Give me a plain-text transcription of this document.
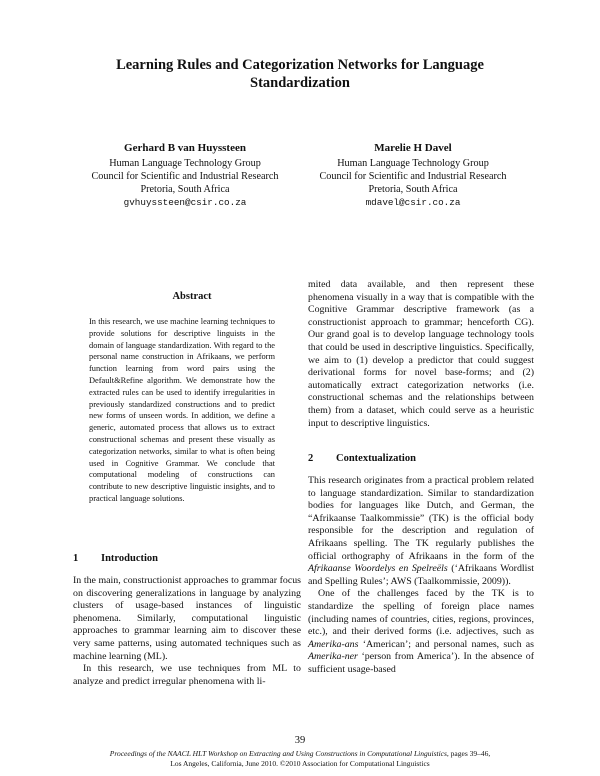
Learning Rules and Categorization Networks for Language Standardization
Gerhard B van Huyssteen
Human Language Technology Group
Council for Scientific and Industrial Research
Pretoria, South Africa
gvhuyssteen@csir.co.za
Marelie H Davel
Human Language Technology Group
Council for Scientific and Industrial Research
Pretoria, South Africa
mdavel@csir.co.za
Abstract
In this research, we use machine learning techniques to provide solutions for descriptive linguists in the domain of language standardization. With regard to the personal name construction in Afrikaans, we perform function learning from word pairs using the Default&Refine algorithm. We demonstrate how the extracted rules can be used to identify irregularities in previously standardized constructions and to predict new forms of unseen words. In addition, we define a generic, automated process that allows us to extract constructional schemas and present these visually as categorization networks, similar to what is often being used in Cognitive Grammar. We conclude that computational modeling of constructions can contribute to new descriptive linguistic insights, and to practical language solutions.
1 Introduction

In the main, constructionist approaches to grammar focus on discovering generalizations in language by analyzing clusters of usage-based instances of linguistic phenomena. Similarly, computational linguistic approaches to grammar learning aim to discover these very same patterns, using automated techniques such as machine learning (ML).

In this research, we use techniques from ML to analyze and predict irregular phenomena with li-

mited data available, and then represent these phenomena visually in a way that is compatible with the Cognitive Grammar descriptive framework (as a constructionist approach to grammar; henceforth CG). Our grand goal is to develop language technology tools that could be used in descriptive linguistics. Specifically, we aim to (1) develop a predictor that could suggest derivational forms for novel base-forms; and (2) automatically extract categorization networks (i.e. constructional schemas and the relationships between them) from a dataset, which could serve as a heuristic input to descriptive linguistics.
2 Contextualization

This research originates from a practical problem related to language standardization. Similar to standardization bodies for languages like Dutch, and German, the “Afrikaanse Taalkommissie” (TK) is the official body responsible for the description and regulation of Afrikaans spelling. The TK regularly publishes the official orthography of Afrikaans in the form of the Afrikaanse Woordelys en Spelreëls (‘Afrikaans Wordlist and Spelling Rules’; AWS (Taalkommissie, 2009)).

One of the challenges faced by the TK is to standardize the spelling of foreign place names (including names of countries, cities, regions, provinces, etc.), and their derived forms (i.e. adjectives, such as Amerika-ans ‘American’; and personal names, such as Amerika-ner ‘person from America’). In the absence of sufficient usage-based

39
Proceedings of the NAACL HLT Workshop on Extracting and Using Constructions in Computational Linguistics, pages 39–46,
Los Angeles, California, June 2010. ©2010 Association for Computational Linguistics
